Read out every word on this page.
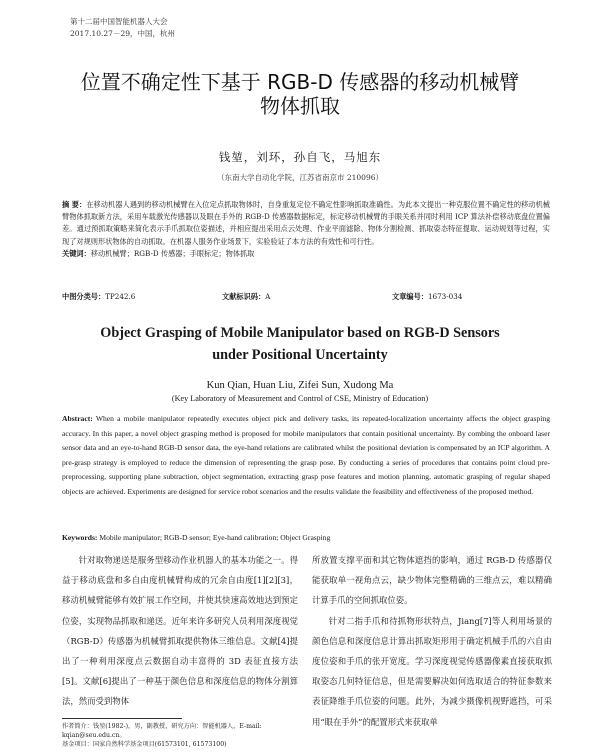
第十二届中国智能机器人大会
2017.10.27－29，中国，杭州
位置不确定性下基于 RGB-D 传感器的移动机械臂
物体抓取
钱堃，刘环，孙自飞，马旭东
（东南大学自动化学院，江苏省南京市 210096）
摘 要：在移动机器人遇到的移动机械臂在入位定点抓取物体时，自身重复定位不确定性影响抓取准确性。为此本文提出一种克服位置不确定性的移动机械臂物体抓取新方法，采用车载激光传感器以及眼在手外的 RGB-D 传感器数据标定，标定移动机械臂的手眼关系并同时利用 ICP 算法补偿移动底盘位置偏差。通过预抓取策略来简化表示手爪抓取位姿描述，并相应提出采用点云处理、作业平面滤除、物体分割检测、抓取姿态特征提取、运动规划等过程，实现了对规则形状物体的自动抓取。在机器人服务作业场景下，实验验证了本方法的有效性和可行性。
关键词：移动机械臂；RGB-D 传感器；手眼标定；物体抓取
中图分类号：TP242.6	文献标识码：A	文章编号：1673-034
Object Grasping of Mobile Manipulator based on RGB-D Sensors
under Positional Uncertainty
Kun Qian, Huan Liu, Zifei Sun, Xudong Ma
(Key Laboratory of Measurement and Control of CSE, Ministry of Education)
Abstract: When a mobile manipulator repeatedly executes object pick and delivery tasks, its repeated-localization uncertainty affects the object grasping accuracy. In this paper, a novel object grasping method is proposed for mobile manipulators that contain positional uncertainty. By combing the onboard laser sensor data and an eye-to-hand RGB-D sensor data, the eye-hand relations are calibrated whilst the positional deviation is compensated by an ICP algorithm. A pre-grasp strategy is employed to reduce the dimension of representing the grasp pose. By conducting a series of procedures that contains point cloud pre-preprocessing, supporting plane subtraction, object segmentation, extracting grasp pose features and motion planning, automatic grasping of regular shaped objects are achieved. Experiments are designed for service robot scenarios and the results validate the feasibility and effectiveness of the proposed method.
Keywords: Mobile manipulator; RGB-D sensor; Eye-hand calibration; Object Grasping

针对取物递送是服务型移动作业机器人的基本功能之一。得益于移动底盘和多自由度机械臂构成的冗余自由度[1][2][3]，移动机械臂能够有效扩展工作空间，并使其快速高效地达到预定位姿，实现物品抓取和递送。近年来许多研究人员利用深度视觉（RGB-D）传感器为机械臂抓取提供物体三维信息。文献[4]提出了一种利用深度点云数据自动丰富得的 3D 表征直接方法[5]。文献[6]提出了一种基于颜色信息和深度信息的物体分割算法，然而受到物体

所放置支撑平面和其它物体遮挡的影响，通过 RGB-D 传感器仅能获取单一视角点云，缺少物体完整精确的三维点云，难以精确计算手爪的空间抓取位姿。

针对二指手爪和待抓物形状特点，Jiang[7]等人利用场景的颜色信息和深度信息计算出抓取矩形用于确定机械手爪的六自由度位姿和手爪的张开宽度。学习深度视觉传感器像素直接获取抓取姿态几何特征信息，但是需要解决如何选取适合的特征参数来表征降维手爪位姿的问题。此外，为减少摄像机视野遮挡，可采用“眼在手外”的配置形式来获取单

作者简介：钱堃(1982-)，男，副教授，研究方向：智能机器人，E-mail: kqian@seu.edu.cn。
基金项目：国家自然科学基金项目(61573101, 61573100)
